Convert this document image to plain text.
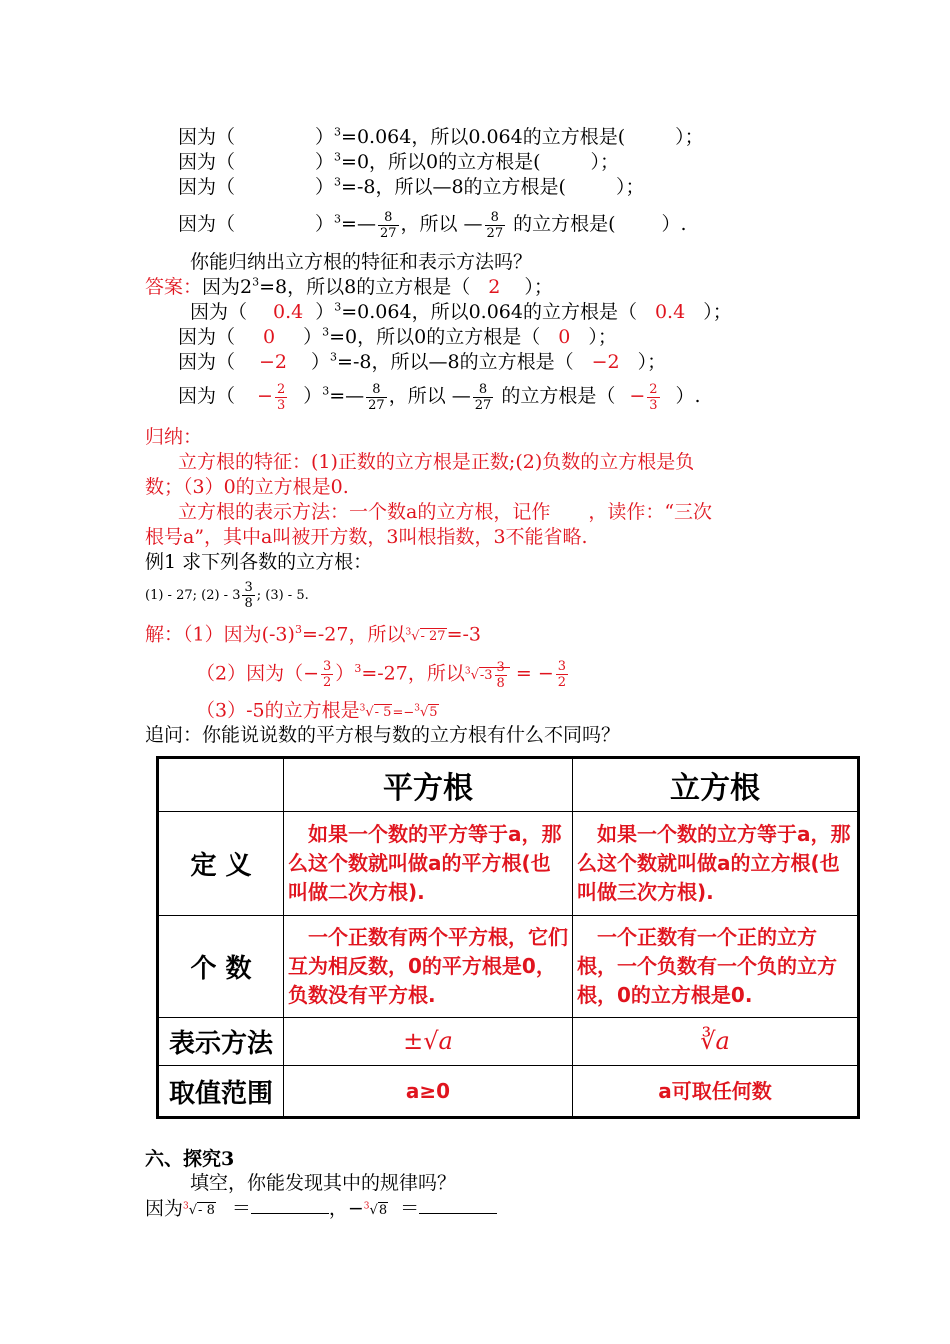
因为（	）$^3$=0.064，所以0.064的立方根是(	）；
因为（	）$^3$=0，所以0的立方根是(	）；
因为（	）$^3$=-8，所以—8的立方根是(	）；
因为（	）$^3$=— $\frac{8}{27}$ ，所以 — $\frac{8}{27}$ 的立方根是( ）.
你能归纳出立方根的特征和表示方法吗？
答案：因为$2^3=8$，所以8的立方根是（ 2 ）；
因为（ 0.4 ）$^3$=0.064，所以0.064的立方根是（ 0.4 ）；
因为（ 0 ）$^3$=0，所以0的立方根是（ 0 ）；
因为（ −2 ）$^3$=-8，所以—8的立方根是（ −2 ）；
因为（ − $\frac{2}{3}$ ）$^3$=— $\frac{8}{27}$ ，所以 — $\frac{8}{27}$ 的立方根是（ − $\frac{2}{3}$ ）.
归纳：
立方根的特征：(1)正数的立方根是正数;(2)负数的立方根是负
数；（3）0的立方根是0.
立方根的表示方法：一个数a的立方根，记作　　，读作：“三次
根号a”，其中a叫被开方数，3叫根指数，3不能省略.
例1 求下列各数的立方根：
(1) - 27; $(2) - 3 \frac{3}{8}$ ; (3) - 5.
解：（1）因为$(-3)^3=-27$，所以$^3$√- 27=-3
（2）因为（− $\frac{3}{2} )^3=-27$，所以$^3√-3 \frac{3}{8}$ = − $\frac{3}{2}$
（3）-5的立方根是$^3$√- 5=−$^3$√5
追问：你能说说数的平方根与数的立方根有什么不同吗？
	平方根	立方根
定 义	　如果一个数的平方等于a，那么这个数就叫做a的平方根(也叫做二次方根).	　如果一个数的立方等于a，那么这个数就叫做a的立方根(也叫做三次方根).
个 数	　一个正数有两个平方根，它们互为相反数，0的平方根是0，负数没有平方根.	　一个正数有一个正的立方根，一个负数有一个负的立方根，0的立方根是0.
表示方法	±√a	∛a
取值范围	a≥0	a可取任何数
六、探究3
填空，你能发现其中的规律吗？
因为$^3$√- 8 ＝	，−$^3$√8 ＝
